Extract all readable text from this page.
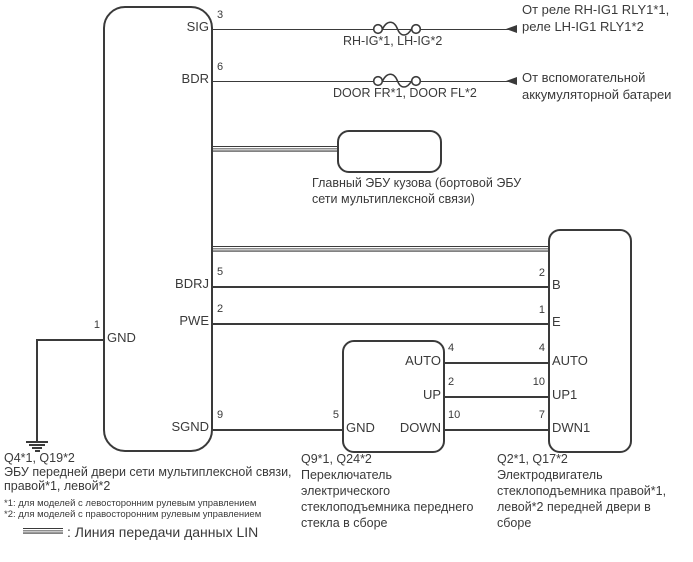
3
SIG
6
BDR
5
BDRJ
2
PWE
1
GND
9
SGND
RH-IG*1, LH-IG*2
От реле RH-IG1 RLY1*1,
реле LH-IG1 RLY1*2
DOOR FR*1, DOOR FL*2
От вспомогательной
аккумуляторной батареи
Главный ЭБУ кузова (бортовой ЭБУ
сети мультиплексной связи)
2
B
1
E
4
AUTO
10
UP1
7
DWN1
4
AUTO
2
UP
10
DOWN
5
GND
Q4*1, Q19*2
ЭБУ передней двери сети мультиплексной связи,
правой*1, левой*2
*1: для моделей с левосторонним рулевым управлением
*2: для моделей с правосторонним рулевым управлением
: Линия передачи данных LIN
Q9*1, Q24*2
Переключатель
электрического
стеклоподъемника переднего
стекла в сборе
Q2*1, Q17*2
Электродвигатель
стеклоподъемника правой*1,
левой*2 передней двери в
сборе
